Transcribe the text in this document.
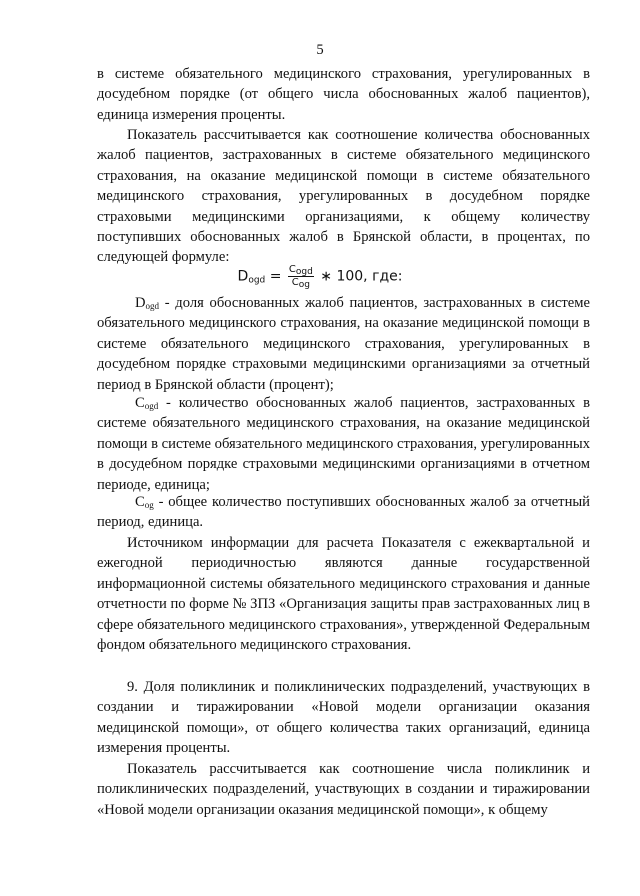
5
в системе обязательного медицинского страхования, урегулированных в досудебном порядке (от общего числа обоснованных жалоб пациентов), единица измерения проценты.
Показатель рассчитывается как соотношение количества обоснованных жалоб пациентов, застрахованных в системе обязательного медицинского страхования, на оказание медицинской помощи в системе обязательного медицинского страхования, урегулированных в досудебном порядке страховыми медицинскими организациями, к общему количеству поступивших обоснованных жалоб в Брянской области, в процентах, по следующей формуле:
$D_{ogd} = \frac{C_{ogd}}{C_{og}}$ ∗ 100, где:
$D_{ogd}$ - доля обоснованных жалоб пациентов, застрахованных в системе обязательного медицинского страхования, на оказание медицинской помощи в системе обязательного медицинского страхования, урегулированных в досудебном порядке страховыми медицинскими организациями за отчетный период в Брянской области (процент);
$C_{ogd}$ - количество обоснованных жалоб пациентов, застрахованных в системе обязательного медицинского страхования, на оказание медицинской помощи в системе обязательного медицинского страхования, урегулированных в досудебном порядке страховыми медицинскими организациями в отчетном периоде, единица;
$C_{og}$ - общее количество поступивших обоснованных жалоб за отчетный период, единица.
Источником информации для расчета Показателя с ежеквартальной и ежегодной периодичностью являются данные государственной информационной системы обязательного медицинского страхования и данные отчетности по форме № ЗПЗ «Организация защиты прав застрахованных лиц в сфере обязательного медицинского страхования», утвержденной Федеральным фондом обязательного медицинского страхования.
9. Доля поликлиник и поликлинических подразделений, участвующих в создании и тиражировании «Новой модели организации оказания медицинской помощи», от общего количества таких организаций, единица измерения проценты.
Показатель рассчитывается как соотношение числа поликлиник и поликлинических подразделений, участвующих в создании и тиражировании «Новой модели организации оказания медицинской помощи», к общему
